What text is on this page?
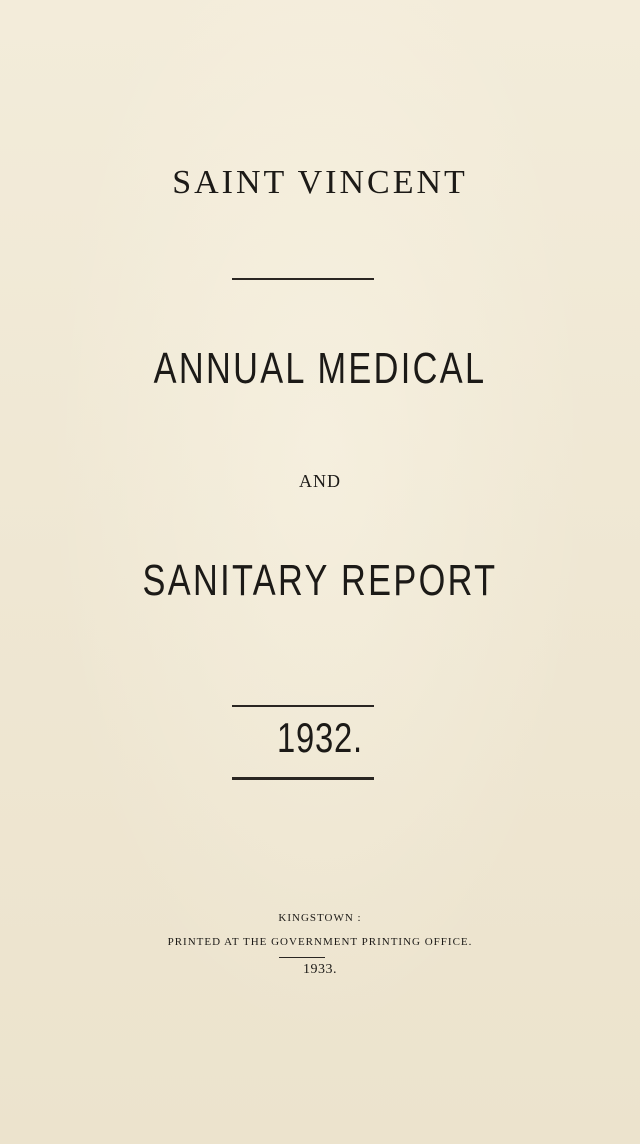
SAINT VINCENT
ANNUAL MEDICAL
AND
SANITARY REPORT
1932.
KINGSTOWN :
PRINTED AT THE GOVERNMENT PRINTING OFFICE.
1933.
